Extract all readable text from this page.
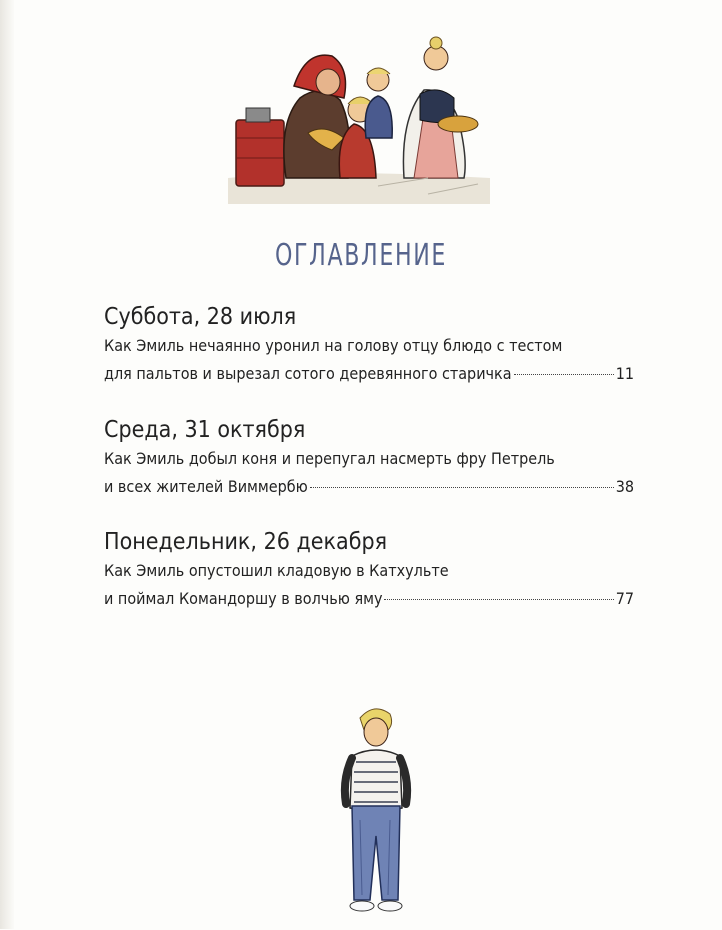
ОГЛАВЛЕНИЕ
Суббота, 28 июля
Как Эмиль нечаянно уронил на голову отцу блюдо с тестом
для пальтов и вырезал сотого деревянного старичка	11
Среда, 31 октября
Как Эмиль добыл коня и перепугал насмерть фру Петрель
и всех жителей Виммербю	38
Понедельник, 26 декабря
Как Эмиль опустошил кладовую в Катхульте
и поймал Командоршу в волчью яму	77
